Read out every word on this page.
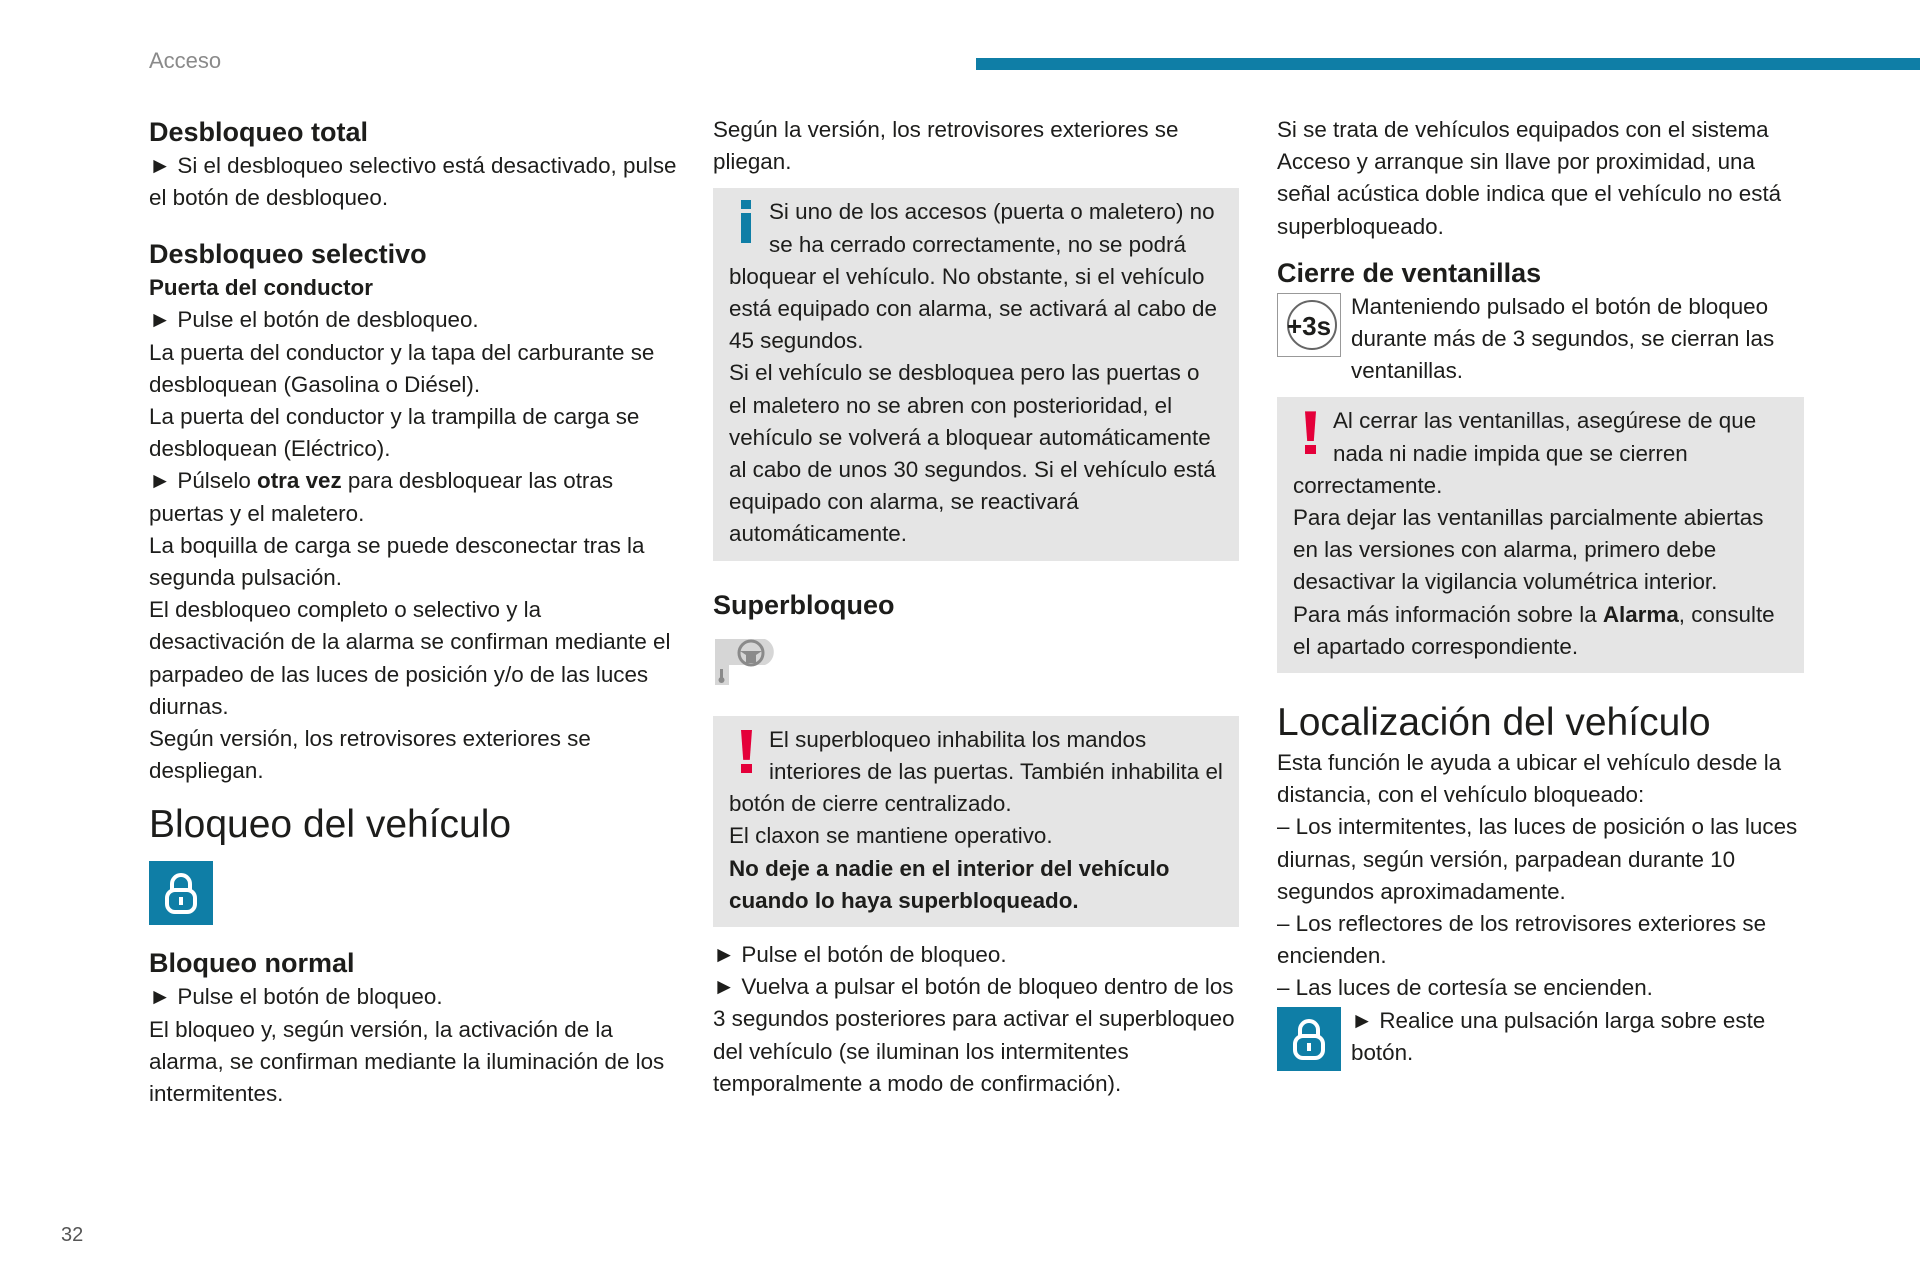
Acceso
32
Desbloqueo total

► Si el desbloqueo selectivo está desactivado, pulse el botón de desbloqueo.

Desbloqueo selectivo
Puerta del conductor

► Pulse el botón de desbloqueo.

La puerta del conductor y la tapa del carburante se desbloquean (Gasolina o Diésel).

La puerta del conductor y la trampilla de carga se desbloquean (Eléctrico).

► Púlselo otra vez para desbloquear las otras puertas y el maletero.

La boquilla de carga se puede desconectar tras la segunda pulsación.

El desbloqueo completo o selectivo y la desactivación de la alarma se confirman mediante el parpadeo de las luces de posición y/o de las luces diurnas.

Según versión, los retrovisores exteriores se despliegan.

Bloqueo del vehículo
Bloqueo normal

► Pulse el botón de bloqueo.

El bloqueo y, según versión, la activación de la alarma, se confirman mediante la iluminación de los intermitentes.

Según la versión, los retrovisores exteriores se pliegan.

Si uno de los accesos (puerta o maletero) no se ha cerrado correctamente, no se podrá bloquear el vehículo. No obstante, si el vehículo está equipado con alarma, se activará al cabo de 45 segundos.

Si el vehículo se desbloquea pero las puertas o el maletero no se abren con posterioridad, el vehículo se volverá a bloquear automáticamente al cabo de unos 30 segundos. Si el vehículo está equipado con alarma, se reactivará automáticamente.

Superbloqueo

El superbloqueo inhabilita los mandos interiores de las puertas. También inhabilita el botón de cierre centralizado.

El claxon se mantiene operativo.

No deje a nadie en el interior del vehículo cuando lo haya superbloqueado.

► Pulse el botón de bloqueo.

► Vuelva a pulsar el botón de bloqueo dentro de los 3 segundos posteriores para activar el superbloqueo del vehículo (se iluminan los intermitentes temporalmente a modo de confirmación).

Si se trata de vehículos equipados con el sistema Acceso y arranque sin llave por proximidad, una señal acústica doble indica que el vehículo no está superbloqueado.

Cierre de ventanillas
+3s

Manteniendo pulsado el botón de bloqueo durante más de 3 segundos, se cierran las ventanillas.

Al cerrar las ventanillas, asegúrese de que nada ni nadie impida que se cierren correctamente.

Para dejar las ventanillas parcialmente abiertas en las versiones con alarma, primero debe desactivar la vigilancia volumétrica interior.

Para más información sobre la Alarma, consulte el apartado correspondiente.

Localización del vehículo

Esta función le ayuda a ubicar el vehículo desde la distancia, con el vehículo bloqueado:

– Los intermitentes, las luces de posición o las luces diurnas, según versión, parpadean durante 10 segundos aproximadamente.

– Los reflectores de los retrovisores exteriores se encienden.

– Las luces de cortesía se encienden.

► Realice una pulsación larga sobre este botón.
